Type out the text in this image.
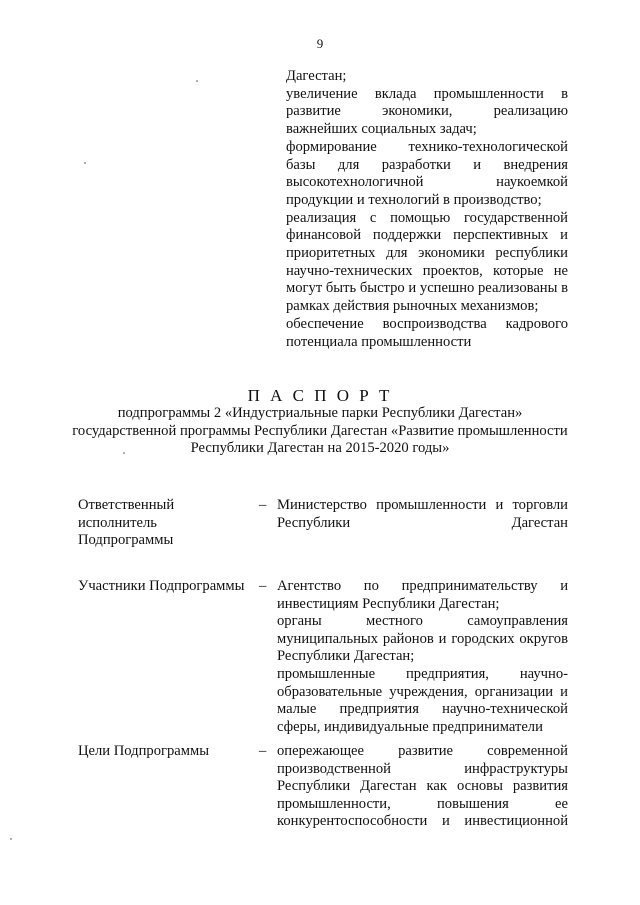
9

Дагестан;

увеличение вклада промышленности в развитие экономики, реализацию важнейших социальных задач;

формирование технико-технологической базы для разработки и внедрения высокотехнологичной наукоемкой продукции и технологий в производство;

реализация с помощью государственной финансовой поддержки перспективных и приоритетных для экономики республики научно-технических проектов, которые не могут быть быстро и успешно реализованы в рамках действия рыночных механизмов;

обеспечение воспроизводства кадрового потенциала промышленности

П А С П О Р Т
подпрограммы 2 «Индустриальные парки Республики Дагестан»
государственной программы Республики Дагестан «Развитие промышленности
Республики Дагестан на 2015-2020 годы»
Ответственный
исполнитель
Подпрограммы
– Министерство промышленности и торговли Республики Дагестан

Участники Подпрограммы – Агентство по предпринимательству и инвестициям Республики Дагестан;

органы местного самоуправления муниципальных районов и городских округов Республики Дагестан;

промышленные предприятия, научно-образовательные учреждения, организации и малые предприятия научно-технической сферы, индивидуальные предприниматели

Цели Подпрограммы	– опережающее развитие современной производственной инфраструктуры Республики Дагестан как основы развития промышленности, повышения ее конкурентоспособности и инвестиционной
